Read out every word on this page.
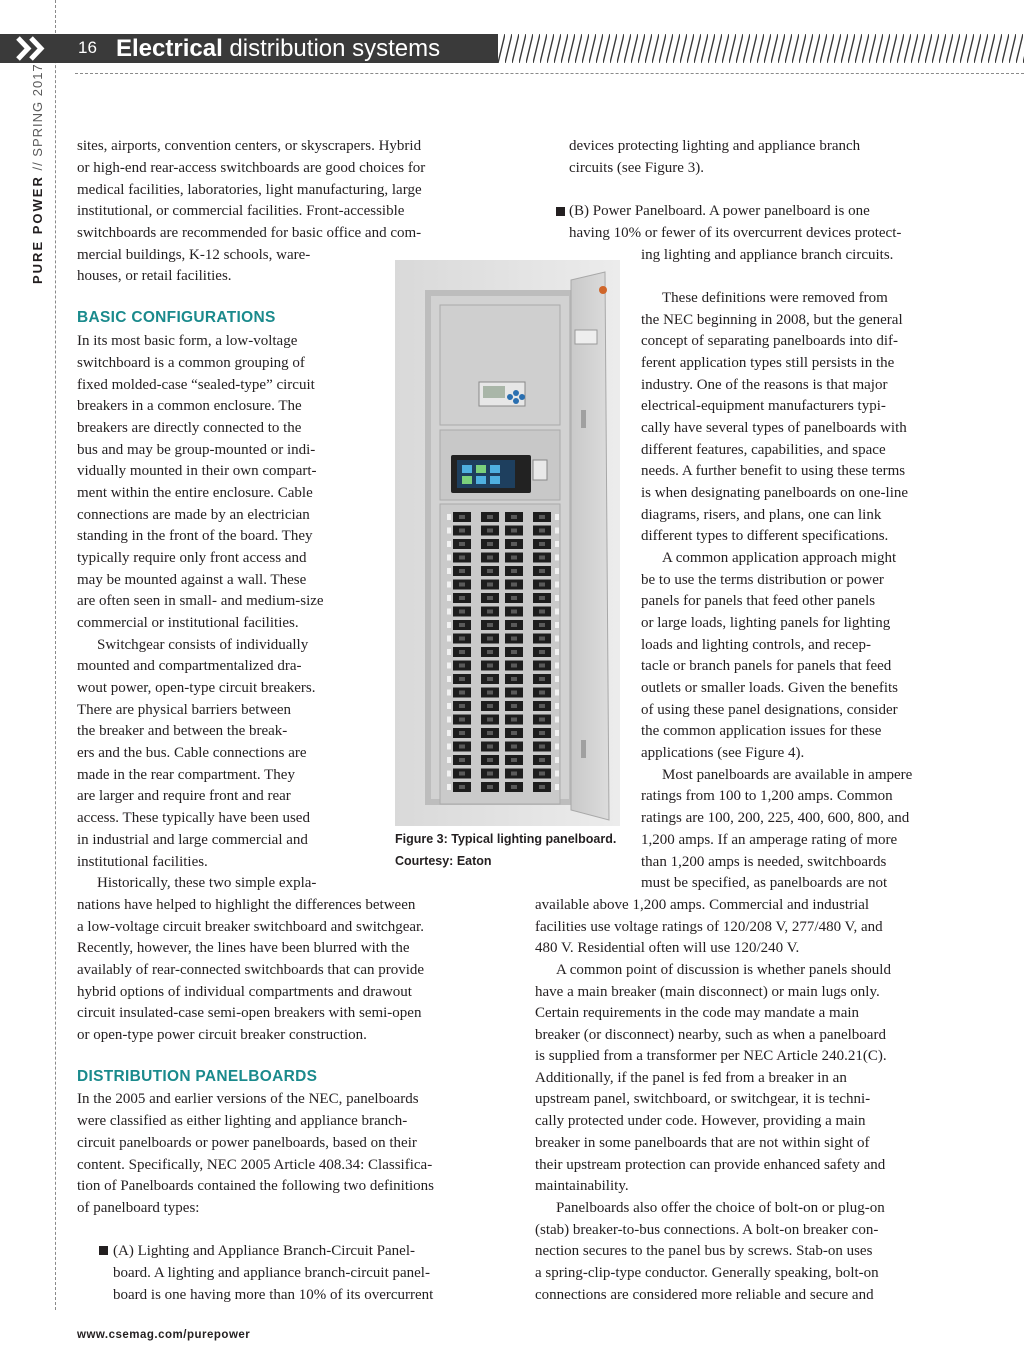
16 Electrical distribution systems
PURE POWER // SPRING 2017
Figure 3: Typical lighting panelboard.
Courtesy: Eaton
BASIC CONFIGURATIONS
DISTRIBUTION PANELBOARDS
sites, airports, convention centers, or skyscrapers. Hybrid
or high-end rear-access switchboards are good choices for
medical facilities, laboratories, light manufacturing, large
institutional, or commercial facilities. Front-accessible
switchboards are recommended for basic office and com-
mercial buildings, K-12 schools, ware-
houses, or retail facilities.
In its most basic form, a low-voltage
switchboard is a common grouping of
fixed molded-case “sealed-type” circuit
breakers in a common enclosure. The
breakers are directly connected to the
bus and may be group-mounted or indi-
vidually mounted in their own compart-
ment within the entire enclosure. Cable
connections are made by an electrician
standing in the front of the board. They
typically require only front access and
may be mounted against a wall. These
are often seen in small- and medium-size
commercial or institutional facilities.
Switchgear consists of individually
mounted and compartmentalized dra-
wout power, open-type circuit breakers.
There are physical barriers between
the breaker and between the break-
ers and the bus. Cable connections are
made in the rear compartment. They
are larger and require front and rear
access. These typically have been used
in industrial and large commercial and
institutional facilities.
Historically, these two simple expla-
nations have helped to highlight the differences between
a low-voltage circuit breaker switchboard and switchgear.
Recently, however, the lines have been blurred with the
availably of rear-connected switchboards that can provide
hybrid options of individual compartments and drawout
circuit insulated-case semi-open breakers with semi-open
or open-type power circuit breaker construction.
In the 2005 and earlier versions of the NEC, panelboards
were classified as either lighting and appliance branch-
circuit panelboards or power panelboards, based on their
content. Specifically, NEC 2005 Article 408.34: Classifica-
tion of Panelboards contained the following two definitions
of panelboard types:
(A) Lighting and Appliance Branch-Circuit Panel-
board. A lighting and appliance branch-circuit panel-
board is one having more than 10% of its overcurrent
devices protecting lighting and appliance branch
circuits (see Figure 3).
(B) Power Panelboard. A power panelboard is one
having 10% or fewer of its overcurrent devices protect-
ing lighting and appliance branch circuits.
These definitions were removed from
the NEC beginning in 2008, but the general
concept of separating panelboards into dif-
ferent application types still persists in the
industry. One of the reasons is that major
electrical-equipment manufacturers typi-
cally have several types of panelboards with
different features, capabilities, and space
needs. A further benefit to using these terms
is when designating panelboards on one-line
diagrams, risers, and plans, one can link
different types to different specifications.
A common application approach might
be to use the terms distribution or power
panels for panels that feed other panels
or large loads, lighting panels for lighting
loads and lighting controls, and recep-
tacle or branch panels for panels that feed
outlets or smaller loads. Given the benefits
of using these panel designations, consider
the common application issues for these
applications (see Figure 4).
Most panelboards are available in ampere
ratings from 100 to 1,200 amps. Common
ratings are 100, 200, 225, 400, 600, 800, and
1,200 amps. If an amperage rating of more
than 1,200 amps is needed, switchboards
must be specified, as panelboards are not
available above 1,200 amps. Commercial and industrial
facilities use voltage ratings of 120/208 V, 277/480 V, and
480 V. Residential often will use 120/240 V.
A common point of discussion is whether panels should
have a main breaker (main disconnect) or main lugs only.
Certain requirements in the code may mandate a main
breaker (or disconnect) nearby, such as when a panelboard
is supplied from a transformer per NEC Article 240.21(C).
Additionally, if the panel is fed from a breaker in an
upstream panel, switchboard, or switchgear, it is techni-
cally protected under code. However, providing a main
breaker in some panelboards that are not within sight of
their upstream protection can provide enhanced safety and
maintainability.
Panelboards also offer the choice of bolt-on or plug-on
(stab) breaker-to-bus connections. A bolt-on breaker con-
nection secures to the panel bus by screws. Stab-on uses
a spring-clip-type conductor. Generally speaking, bolt-on
connections are considered more reliable and secure and
www.csemag.com/purepower
